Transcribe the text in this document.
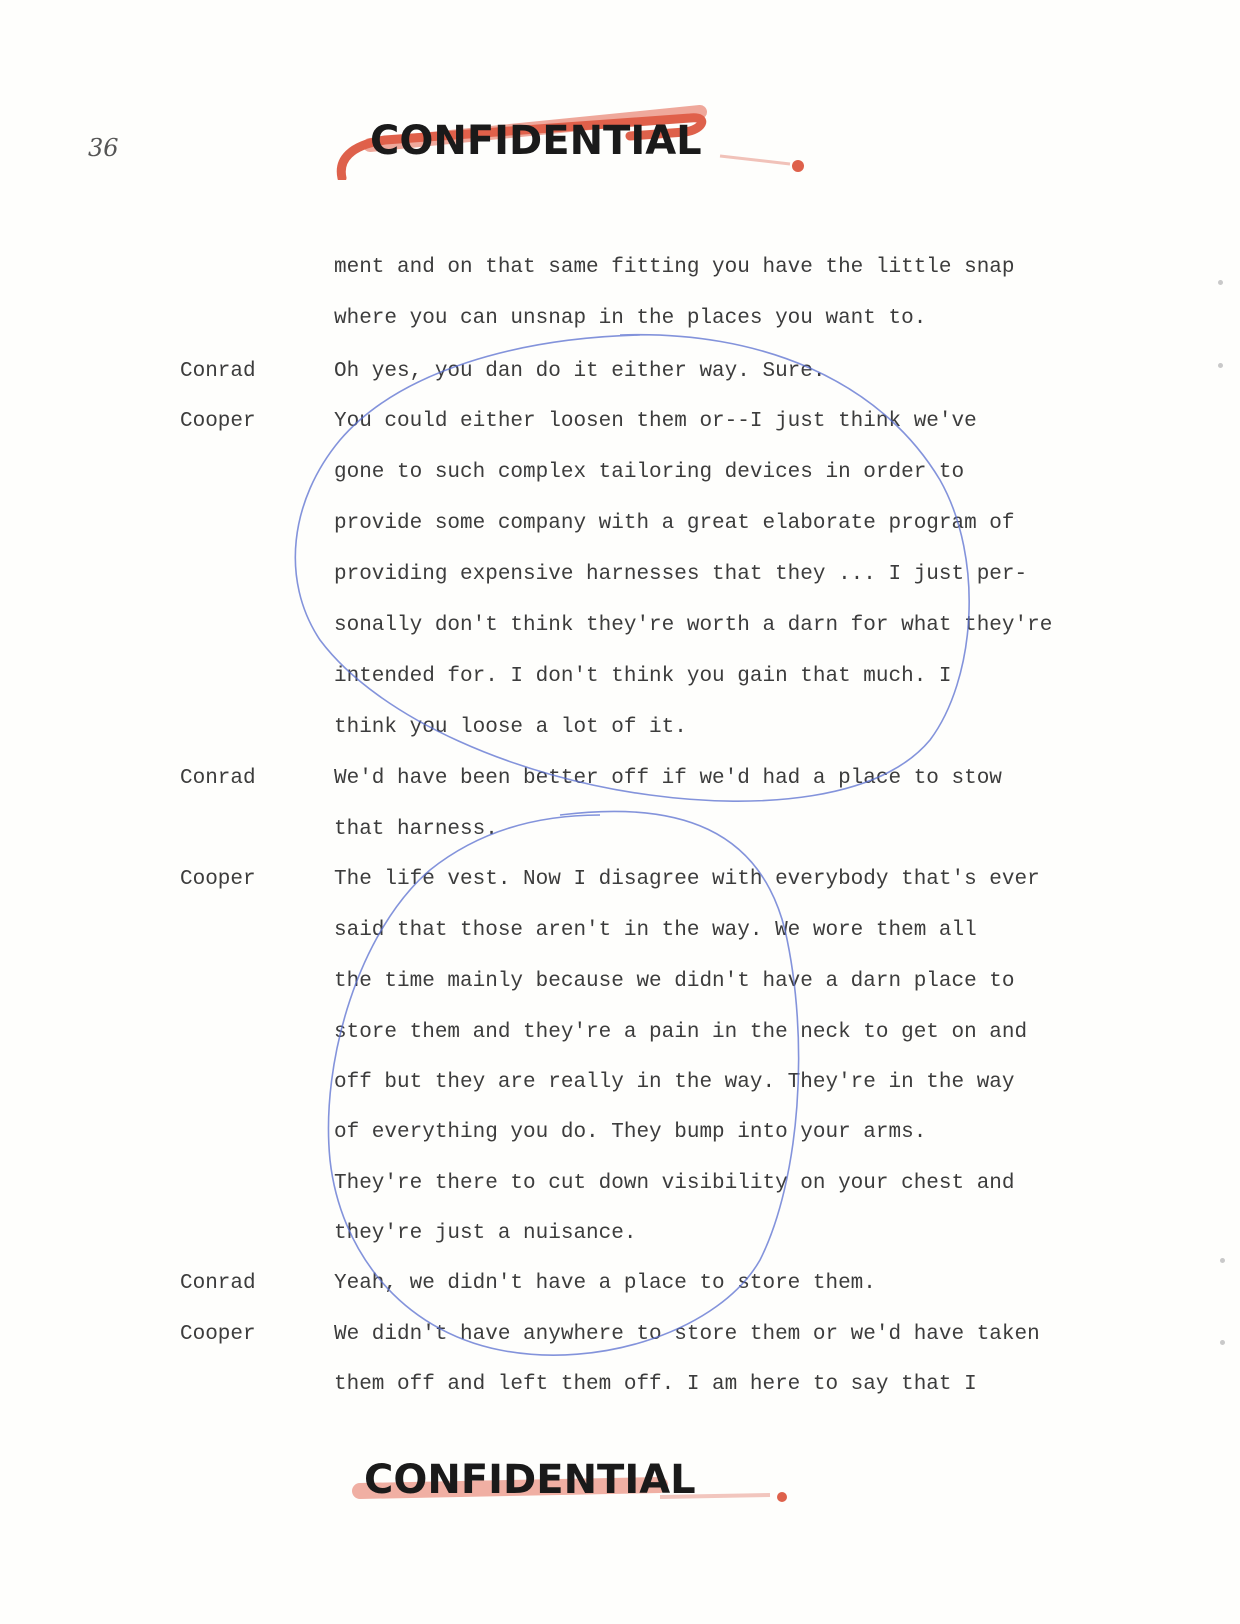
36	CONFIDENTIAL
CONFIDENTIAL
Conrad
Cooper
Conrad
Cooper
Conrad
Cooper
ment and on that same fitting you have the little snap
where you can unsnap in the places you want to.
Oh yes, you dan do it either way. Sure.
You could either loosen them or--I just think we've
gone to such complex tailoring devices in order to
provide some company with a great elaborate program of
providing expensive harnesses that they ... I just per-
sonally don't think they're worth a darn for what they're
intended for. I don't think you gain that much. I
think you loose a lot of it.
We'd have been better off if we'd had a place to stow
that harness.
The life vest. Now I disagree with everybody that's ever
said that those aren't in the way. We wore them all
the time mainly because we didn't have a darn place to
store them and they're a pain in the neck to get on and
off but they are really in the way. They're in the way
of everything you do. They bump into your arms.
They're there to cut down visibility on your chest and
they're just a nuisance.
Yeah, we didn't have a place to store them.
We didn't have anywhere to store them or we'd have taken
them off and left them off. I am here to say that I
